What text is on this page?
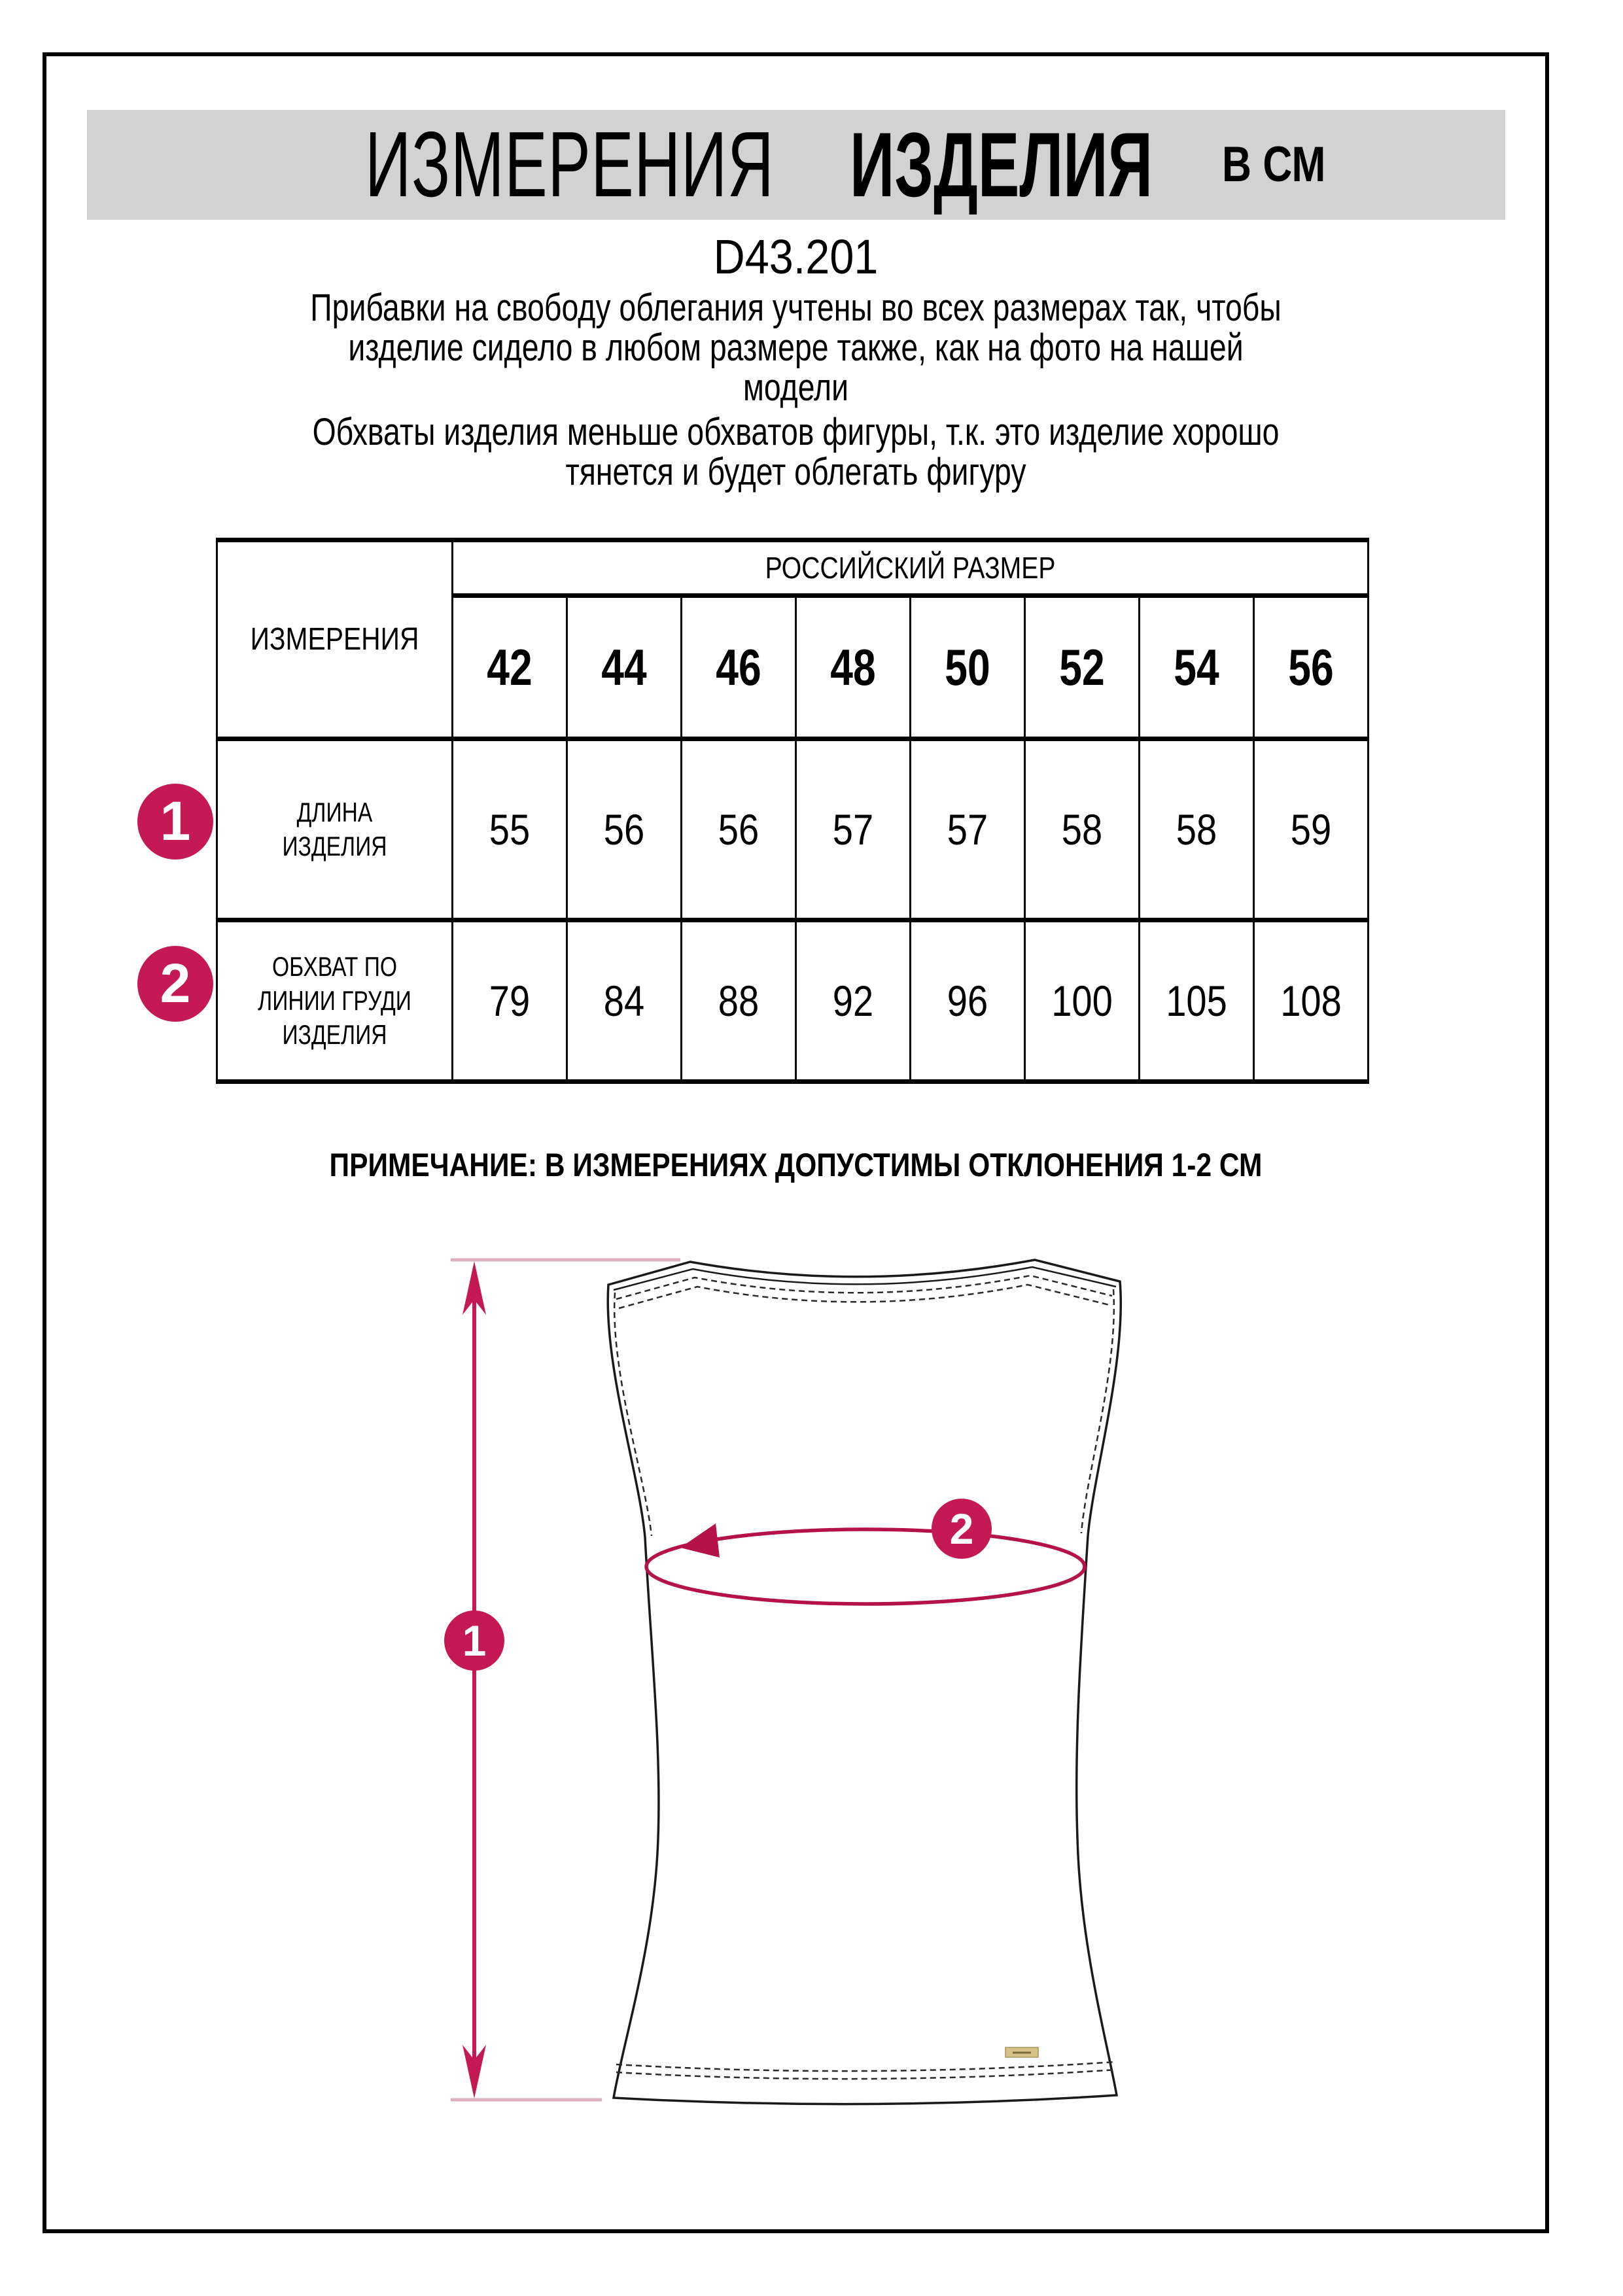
ИЗМЕРЕНИЯ ИЗДЕЛИЯ В СМ
D43.201
Прибавки на свободу облегания учтены во всех размерах так, чтобы
изделие сидело в любом размере также, как на фото на нашей
модели
Обхваты изделия меньше обхватов фигуры, т.к. это изделие хорошо
тянется и будет облегать фигуру
ИЗМЕРЕНИЯ	РОССИЙСКИЙ РАЗМЕР							

	42	44	46	48	50	52	54	56

ДЛИНА
ИЗДЕЛИЯ	55	56	56	57	57	58	58	59

ОБХВАТ ПО
ЛИНИИ ГРУДИ
ИЗДЕЛИЯ	79	84	88	92	96	100	105	108
1
2
ПРИМЕЧАНИЕ: В ИЗМЕРЕНИЯХ ДОПУСТИМЫ ОТКЛОНЕНИЯ 1-2 СМ
1
2
